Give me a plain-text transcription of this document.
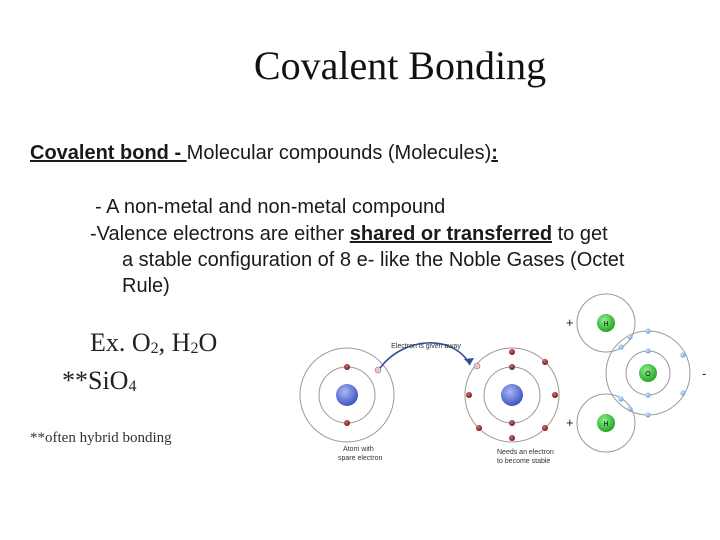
Covalent Bonding
Covalent bond - Molecular compounds (Molecules):
- A non-metal and non-metal compound
-Valence electrons are either shared or transferred to get
a stable configuration of 8 e- like the Noble Gases (Octet
Rule)
Ex. $O_2$, $H_2O$
**SiO$_4$
**often hybrid bonding
Electron is given away
Atom with
spare electron
Needs an electron
to become stable
+
+
-
H
H
O
